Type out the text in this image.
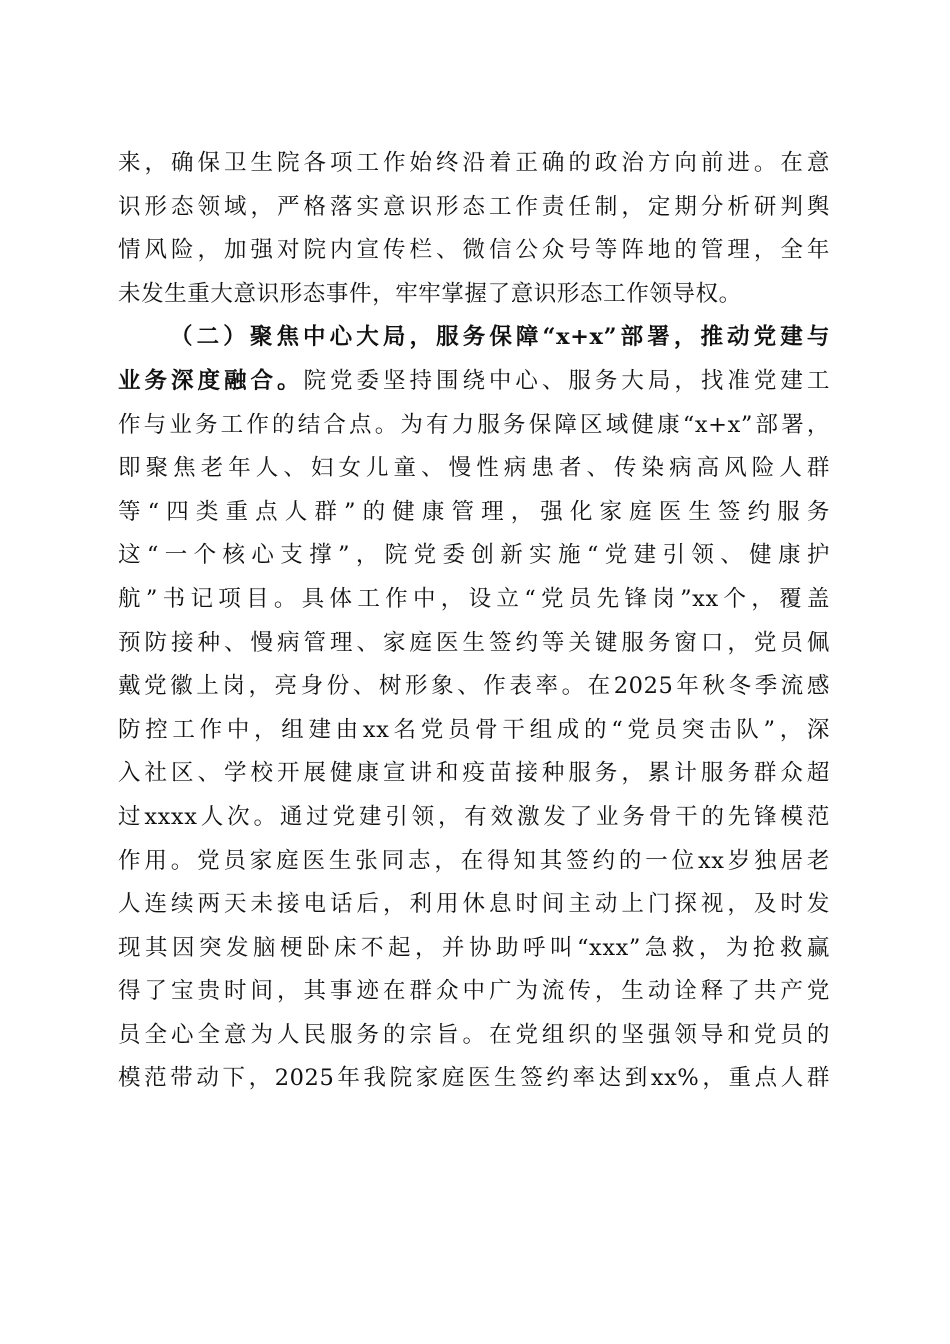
来，确保卫生院各项工作始终沿着正确的政治方向前进。在意
识形态领域，严格落实意识形态工作责任制，定期分析研判舆
情风险，加强对院内宣传栏、微信公众号等阵地的管理，全年
未发生重大意识形态事件，牢牢掌握了意识形态工作领导权。
（二）聚焦中心大局，服务保障“x+x”部署，推动党建与
业务深度融合。院党委坚持围绕中心、服务大局，找准党建工
作与业务工作的结合点。为有力服务保障区域健康“x+x”部署，
即聚焦老年人、妇女儿童、慢性病患者、传染病高风险人群
等“四类重点人群”的健康管理，强化家庭医生签约服务
这“一个核心支撑”，院党委创新实施“党建引领、健康护
航”书记项目。具体工作中，设立“党员先锋岗”xx个，覆盖
预防接种、慢病管理、家庭医生签约等关键服务窗口，党员佩
戴党徽上岗，亮身份、树形象、作表率。在2025年秋冬季流感
防控工作中，组建由xx名党员骨干组成的“党员突击队”，深
入社区、学校开展健康宣讲和疫苗接种服务，累计服务群众超
过xxxx人次。通过党建引领，有效激发了业务骨干的先锋模范
作用。党员家庭医生张同志，在得知其签约的一位xx岁独居老
人连续两天未接电话后，利用休息时间主动上门探视，及时发
现其因突发脑梗卧床不起，并协助呼叫“xxx”急救，为抢救赢
得了宝贵时间，其事迹在群众中广为流传，生动诠释了共产党
员全心全意为人民服务的宗旨。在党组织的坚强领导和党员的
模范带动下，2025年我院家庭医生签约率达到xx%，重点人群
